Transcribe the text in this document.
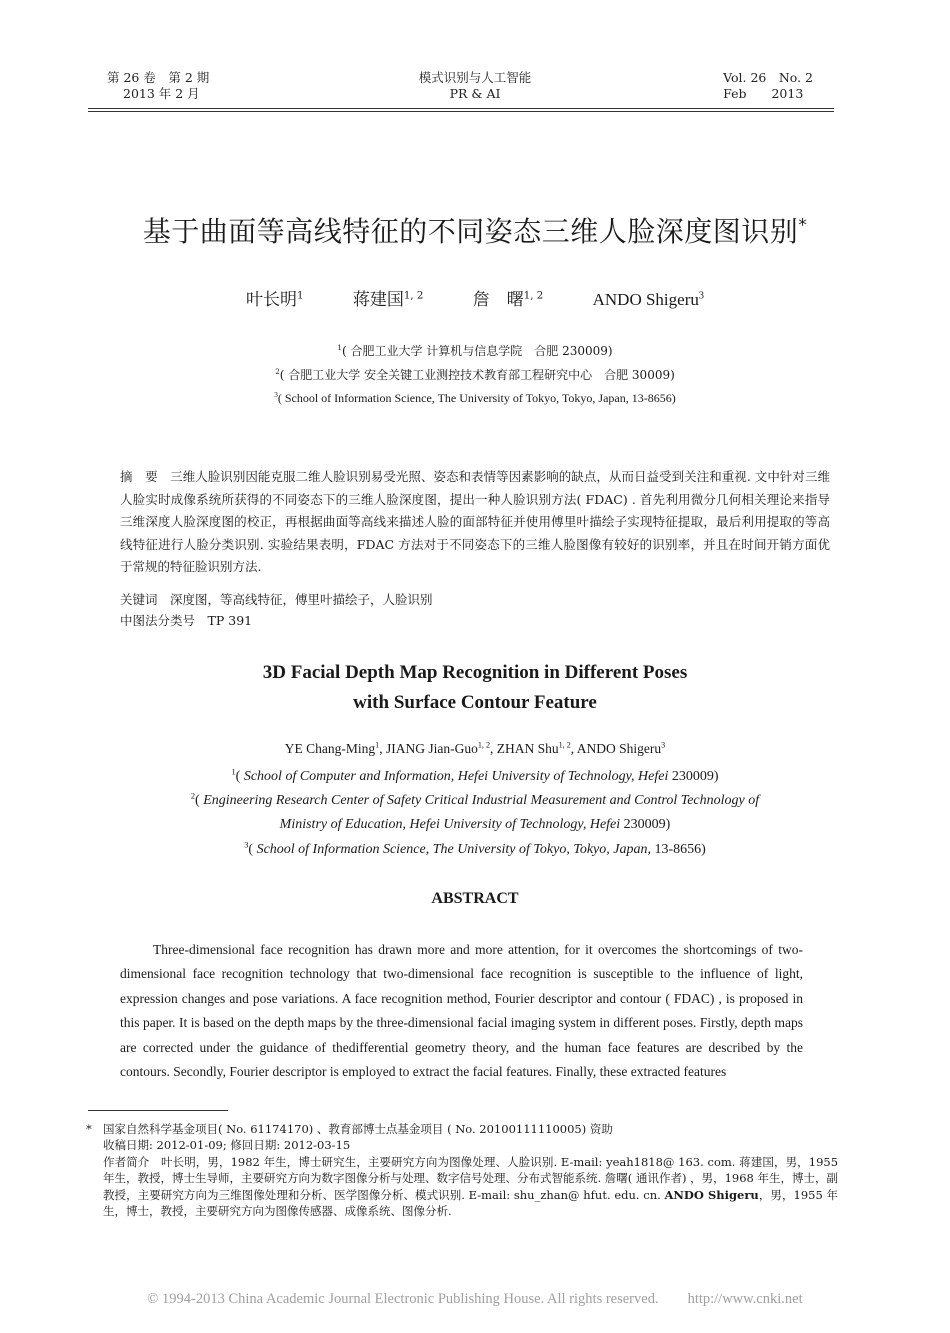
第 26 卷　第 2 期
2013 年 2 月
模式识别与人工智能
PR & AI
Vol. 26　No. 2
Feb　　2013
基于曲面等高线特征的不同姿态三维人脸深度图识别*
叶长明$^1$	蒋建国$^{1, 2}$	詹　曙$^{1, 2}$	ANDO Shigeru$^3$
$^1$( 合肥工业大学 计算机与信息学院　合肥 230009)
$^2$( 合肥工业大学 安全关键工业测控技术教育部工程研究中心　合肥 30009)
$^3$( School of Information Science, The University of Tokyo, Tokyo, Japan, 13-8656)
摘　要　 三维人脸识别因能克服二维人脸识别易受光照、姿态和表情等因素影响的缺点，从而日益受到关注和重视. 文中针对三维人脸实时成像系统所获得的不同姿态下的三维人脸深度图，提出一种人脸识别方法( FDAC) . 首先利用微分几何相关理论来指导三维深度人脸深度图的校正，再根据曲面等高线来描述人脸的面部特征并使用傅里叶描绘子实现特征提取，最后利用提取的等高线特征进行人脸分类识别. 实验结果表明，FDAC 方法对于不同姿态下的三维人脸图像有较好的识别率，并且在时间开销方面优于常规的特征脸识别方法.
关键词　 深度图，等高线特征，傅里叶描绘子，人脸识别
中图法分类号　 TP 391
3D Facial Depth Map Recognition in Different Poses
with Surface Contour Feature
YE Chang-Ming$^1$, JIANG Jian-Guo$^{1, 2}$, ZHAN Shu$^{1, 2}$, ANDO Shigeru$^3$
$^1$( School of Computer and Information, Hefei University of Technology, Hefei 230009)
$^2$( Engineering Research Center of Safety Critical Industrial Measurement and Control Technology of
Ministry of Education, Hefei University of Technology, Hefei 230009)
$^3$( School of Information Science, The University of Tokyo, Tokyo, Japan, 13-8656)
ABSTRACT
Three-dimensional face recognition has drawn more and more attention, for it overcomes the shortcomings of two-dimensional face recognition technology that two-dimensional face recognition is susceptible to the influence of light, expression changes and pose variations. A face recognition method, Fourier descriptor and contour ( FDAC) , is proposed in this paper. It is based on the depth maps by the three-dimensional facial imaging system in different poses. Firstly, depth maps are corrected under the guidance of thedifferential geometry theory, and the human face features are described by the contours. Secondly, Fourier descriptor is employed to extract the facial features. Finally, these extracted features
* 国家自然科学基金项目( No. 61174170) 、教育部博士点基金项目 ( No. 20100111110005) 资助
收稿日期: 2012-01-09; 修回日期: 2012-03-15
作者简介　 叶长明，男，1982 年生，博士研究生，主要研究方向为图像处理、人脸识别. E-mail: yeah1818@ 163. com. 蒋建国，男，1955 年生，教授，博士生导师，主要研究方向为数字图像分析与处理、数字信号处理、分布式智能系统. 詹曙( 通讯作者) ，男，1968 年生，博士，副教授，主要研究方向为三维图像处理和分析、医学图像分析、模式识别. E-mail: shu_zhan@ hfut. edu. cn. ANDO Shigeru，男，1955 年生，博士，教授，主要研究方向为图像传感器、成像系统、图像分析.
© 1994-2013 China Academic Journal Electronic Publishing House. All rights reserved.　　http://www.cnki.net
